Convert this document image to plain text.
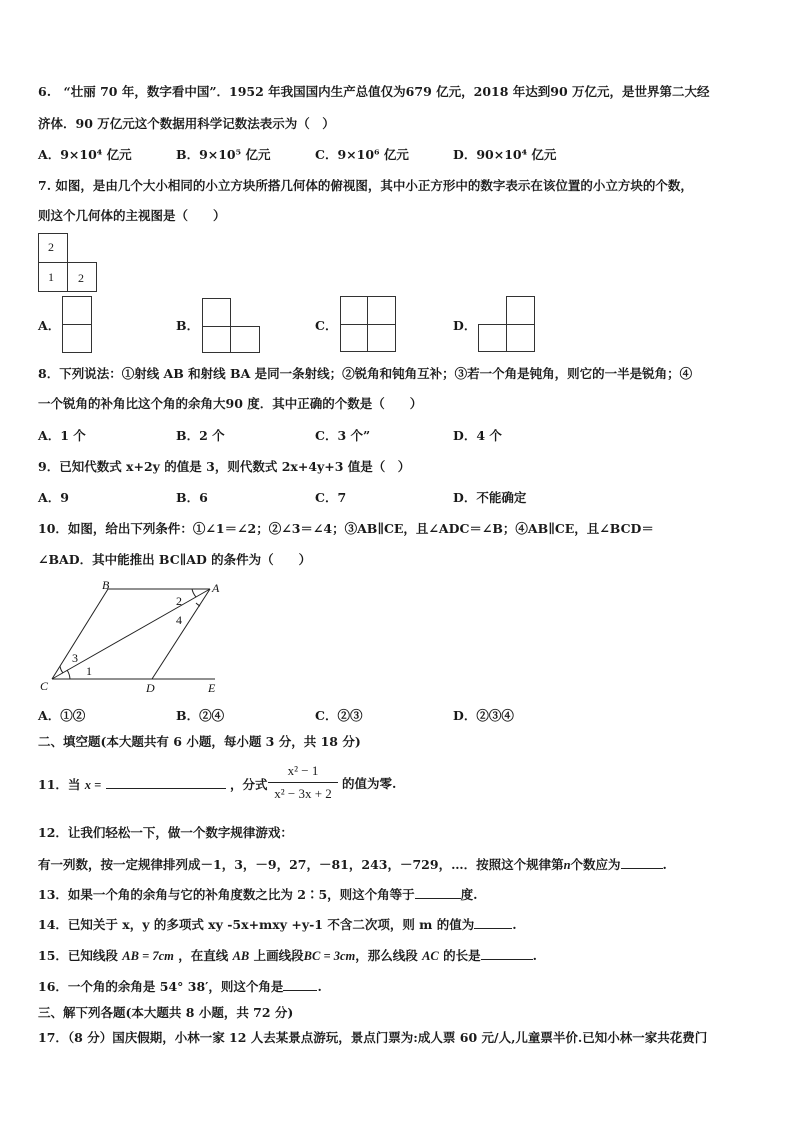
6.　“壮丽 70 年，数字看中国”．1952 年我国国内生产总值仅为679 亿元，2018 年达到90 万亿元，是世界第二大经
济体．90 万亿元这个数据用科学记数法表示为（　）
A．9×10⁴ 亿元	B．9×10⁵ 亿元	C．9×10⁶ 亿元	D．90×10⁴ 亿元
7. 如图，是由几个大小相同的小立方块所搭几何体的俯视图，其中小正方形中的数字表示在该位置的小立方块的个数，
则这个几何体的主视图是（　　）
2
1 2
A．	B．	C．	D．
8．下列说法：①射线 AB 和射线 BA 是同一条射线；②锐角和钝角互补；③若一个角是钝角，则它的一半是锐角；④
一个锐角的补角比这个角的余角大90 度．其中正确的个数是（　　）
A．1 个	B．2 个	C．3 个”	D．4 个
9．已知代数式 x+2y 的值是 3，则代数式 2x+4y+3 值是（　）
A．9	B．6	C．7	D．不能确定
10．如图，给出下列条件：①∠1＝∠2；②∠3＝∠4；③AB∥CE，且∠ADC＝∠B；④AB∥CE，且∠BCD＝
∠BAD．其中能推出 BC∥AD 的条件为（　　）
B	A
C	D	E
1
2
3
4
A．①②	B．②④	C．②③	D．②③④
二、填空题(本大题共有 6 小题，每小题 3 分，共 18 分)
11．当 x =	，分式
x² − 1
x² − 3x + 2
的值为零.
12．让我们轻松一下，做一个数字规律游戏：
有一列数，按一定规律排列成－1，3，－9，27，－81，243，－729，…．按照这个规律第n个数应为	.
13．如果一个角的余角与它的补角度数之比为 2∶5，则这个角等于	度.
14．已知关于 x，y 的多项式 xy -5x+mxy +y-1 不含二次项，则 m 的值为	.
15．已知线段 AB = 7cm ，在直线 AB 上画线段BC = 3cm，那么线段 AC 的长是	.
16．一个角的余角是 54° 38′，则这个角是	.
三、解下列各题(本大题共 8 小题，共 72 分)
17．（8 分）国庆假期，小林一家 12 人去某景点游玩，景点门票为:成人票 60 元/人,儿童票半价.已知小林一家共花费门
